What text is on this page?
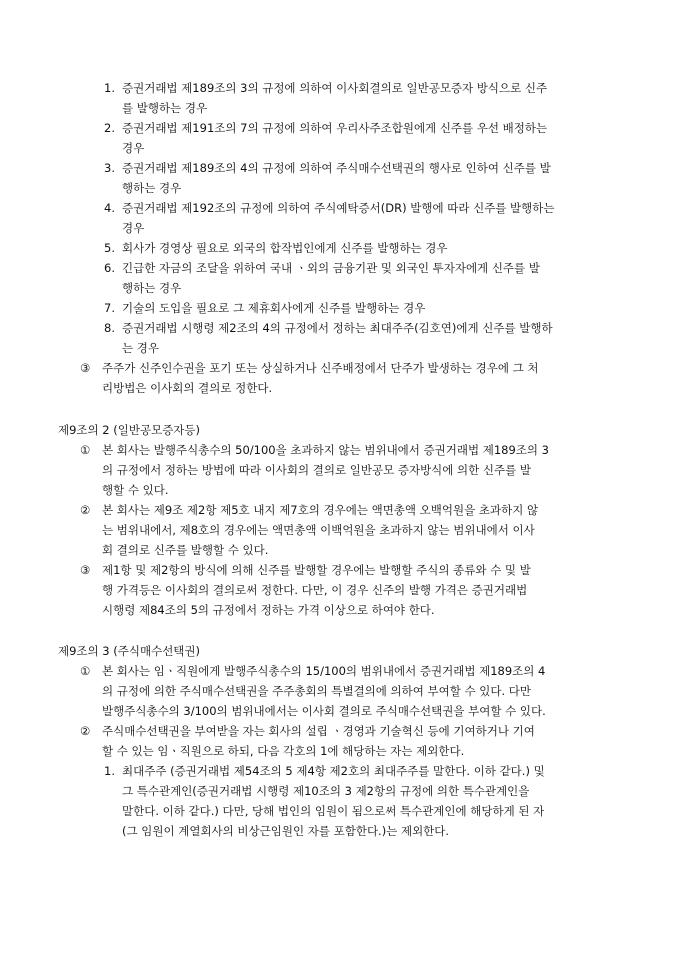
1. 증권거래법 제189조의 3의 규정에 의하여 이사회결의로 일반공모증자 방식으로 신주
를 발행하는 경우
2. 증권거래법 제191조의 7의 규정에 의하여 우리사주조합원에게 신주를 우선 배정하는
경우
3. 증권거래법 제189조의 4의 규정에 의하여 주식매수선택권의 행사로 인하여 신주를 발
행하는 경우
4. 증권거래법 제192조의 규정에 의하여 주식예탁증서(DR) 발행에 따라 신주를 발행하는
경우
5. 회사가 경영상 필요로 외국의 합작법인에게 신주를 발행하는 경우
6. 긴급한 자금의 조달을 위하여 국내 ㆍ외의 금융기관 및 외국인 투자자에게 신주를 발
행하는 경우
7. 기술의 도입을 필요로 그 제휴회사에게 신주를 발행하는 경우
8. 증권거래법 시행령 제2조의 4의 규정에서 정하는 최대주주(김호연)에게 신주를 발행하
는 경우
③ 주주가 신주인수권을 포기 또는 상실하거나 신주배정에서 단주가 발생하는 경우에 그 처
리방법은 이사회의 결의로 정한다.
제9조의 2 (일반공모증자등)
① 본 회사는 발행주식총수의 50/100을 초과하지 않는 범위내에서 증권거래법 제189조의 3
의 규정에서 정하는 방법에 따라 이사회의 결의로 일반공모 증자방식에 의한 신주를 발
행할 수 있다.
② 본 회사는 제9조 제2항 제5호 내지 제7호의 경우에는 액면총액 오백억원을 초과하지 않
는 범위내에서, 제8호의 경우에는 액면총액 이백억원을 초과하지 않는 범위내에서 이사
회 결의로 신주를 발행할 수 있다.
③ 제1항 및 제2항의 방식에 의해 신주를 발행할 경우에는 발행할 주식의 종류와 수 및 발
행 가격등은 이사회의 결의로써 정한다. 다만, 이 경우 신주의 발행 가격은 증권거래법
시행령 제84조의 5의 규정에서 정하는 가격 이상으로 하여야 한다.
제9조의 3 (주식매수선택권)
① 본 회사는 임ㆍ직원에게 발행주식총수의 15/100의 범위내에서 증권거래법 제189조의 4
의 규정에 의한 주식매수선택권을 주주총회의 특별결의에 의하여 부여할 수 있다. 다만
발행주식총수의 3/100의 범위내에서는 이사회 결의로 주식매수선택권을 부여할 수 있다.
② 주식매수선택권을 부여받을 자는 회사의 설립 ㆍ경영과 기술혁신 등에 기여하거나 기여
할 수 있는 임ㆍ직원으로 하되, 다음 각호의 1에 해당하는 자는 제외한다.
1. 최대주주 (증권거래법 제54조의 5 제4항 제2호의 최대주주를 말한다. 이하 같다.) 및
그 특수관계인(증권거래법 시행령 제10조의 3 제2항의 규정에 의한 특수관계인을
말한다. 이하 같다.) 다만, 당해 법인의 임원이 됨으로써 특수관계인에 해당하게 된 자
(그 임원이 계열회사의 비상근임원인 자를 포함한다.)는 제외한다.
